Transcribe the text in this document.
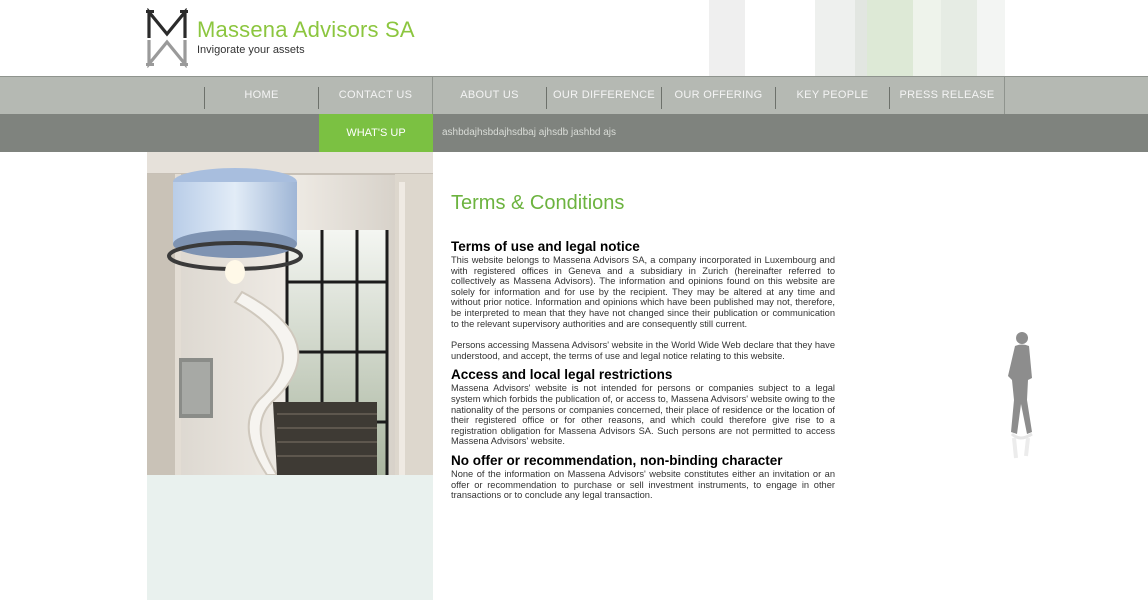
Massena Advisors SA
Invigorate your assets
HOME	CONTACT US	ABOUT US	OUR DIFFERENCE	OUR OFFERING	KEY PEOPLE	PRESS RELEASE
WHAT'S UP	ashbdajhsbdajhsdbaj ajhsdb jashbd ajs
Terms & Conditions
Terms of use and legal notice

This website belongs to Massena Advisors SA, a company incorporated in Luxembourg and with registered offices in Geneva and a subsidiary in Zurich (hereinafter referred to collectively as Massena Advisors). The information and opinions found on this website are solely for information and for use by the recipient. They may be altered at any time and without prior notice. Information and opinions which have been published may not, therefore, be interpreted to mean that they have not changed since their publication or communication to the relevant supervisory authorities and are consequently still current.

Persons accessing Massena Advisors' website in the World Wide Web declare that they have understood, and accept, the terms of use and legal notice relating to this website.

Access and local legal restrictions

Massena Advisors' website is not intended for persons or companies subject to a legal system which forbids the publication of, or access to, Massena Advisors' website owing to the nationality of the persons or companies concerned, their place of residence or the location of their registered office or for other reasons, and which could therefore give rise to a registration obligation for Massena Advisors SA. Such persons are not permitted to access Massena Advisors' website.

No offer or recommendation, non-binding character

None of the information on Massena Advisors' website constitutes either an invitation or an offer or recommendation to purchase or sell investment instruments, to engage in other transactions or to conclude any legal transaction.
